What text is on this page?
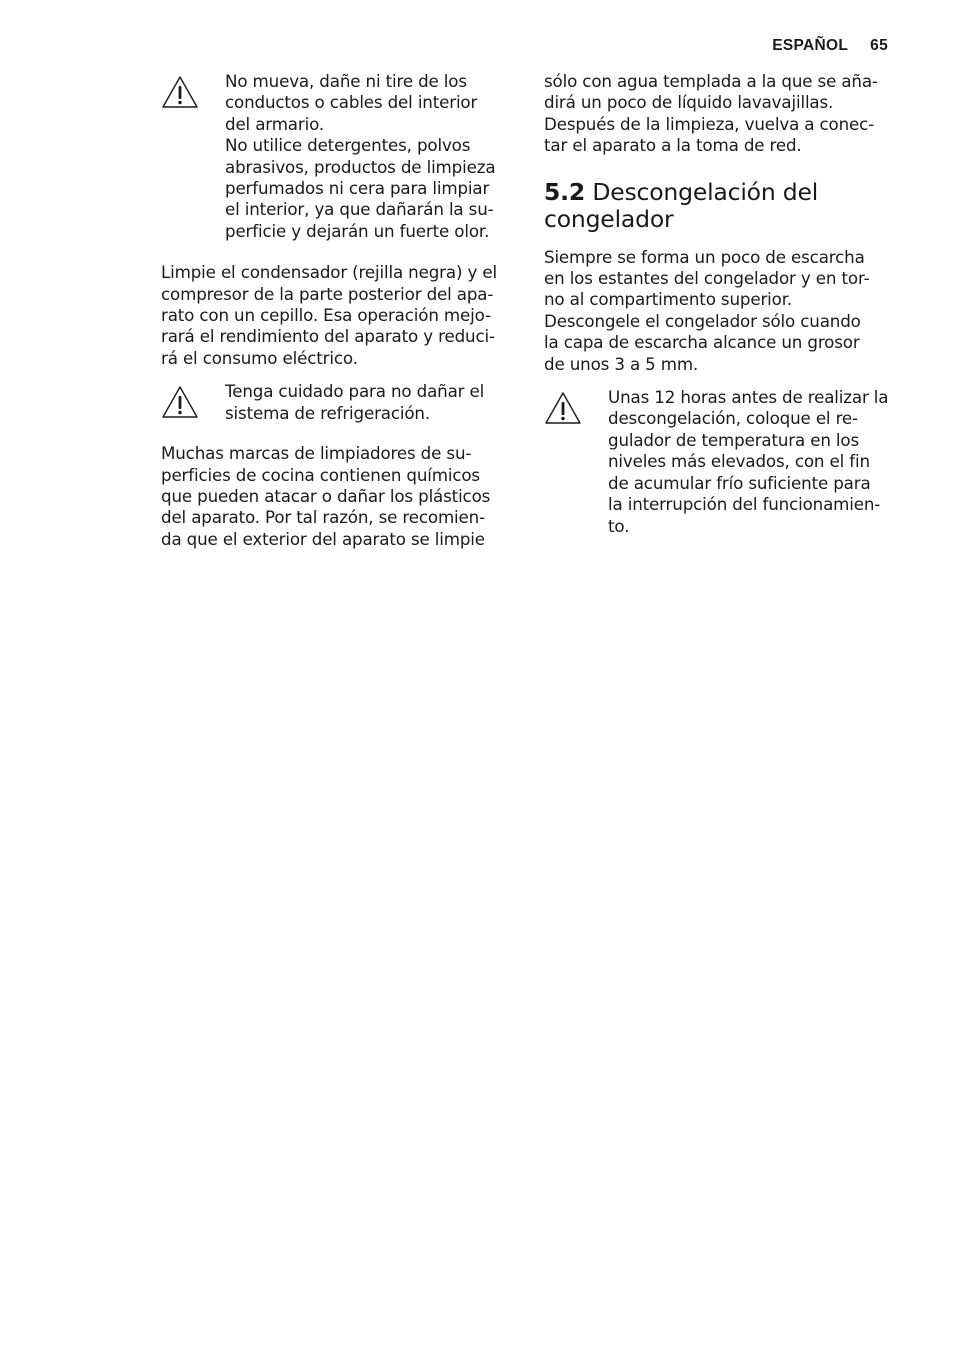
ESPAÑOL 65

No mueva, dañe ni tire de los
conductos o cables del interior
del armario.
No utilice detergentes, polvos
abrasivos, productos de limpieza
perfumados ni cera para limpiar
el interior, ya que dañarán la su-
perficie y dejarán un fuerte olor.

Limpie el condensador (rejilla negra) y el
compresor de la parte posterior del apa-
rato con un cepillo. Esa operación mejo-
rará el rendimiento del aparato y reduci-
rá el consumo eléctrico.

Tenga cuidado para no dañar el
sistema de refrigeración.

Muchas marcas de limpiadores de su-
perficies de cocina contienen químicos
que pueden atacar o dañar los plásticos
del aparato. Por tal razón, se recomien-
da que el exterior del aparato se limpie

sólo con agua templada a la que se aña-
dirá un poco de líquido lavavajillas.
Después de la limpieza, vuelva a conec-
tar el aparato a la toma de red.

5.2 Descongelación del
congelador

Siempre se forma un poco de escarcha
en los estantes del congelador y en tor-
no al compartimento superior.
Descongele el congelador sólo cuando
la capa de escarcha alcance un grosor
de unos 3 a 5 mm.

Unas 12 horas antes de realizar la
descongelación, coloque el re-
gulador de temperatura en los
niveles más elevados, con el fin
de acumular frío suficiente para
la interrupción del funcionamien-
to.
